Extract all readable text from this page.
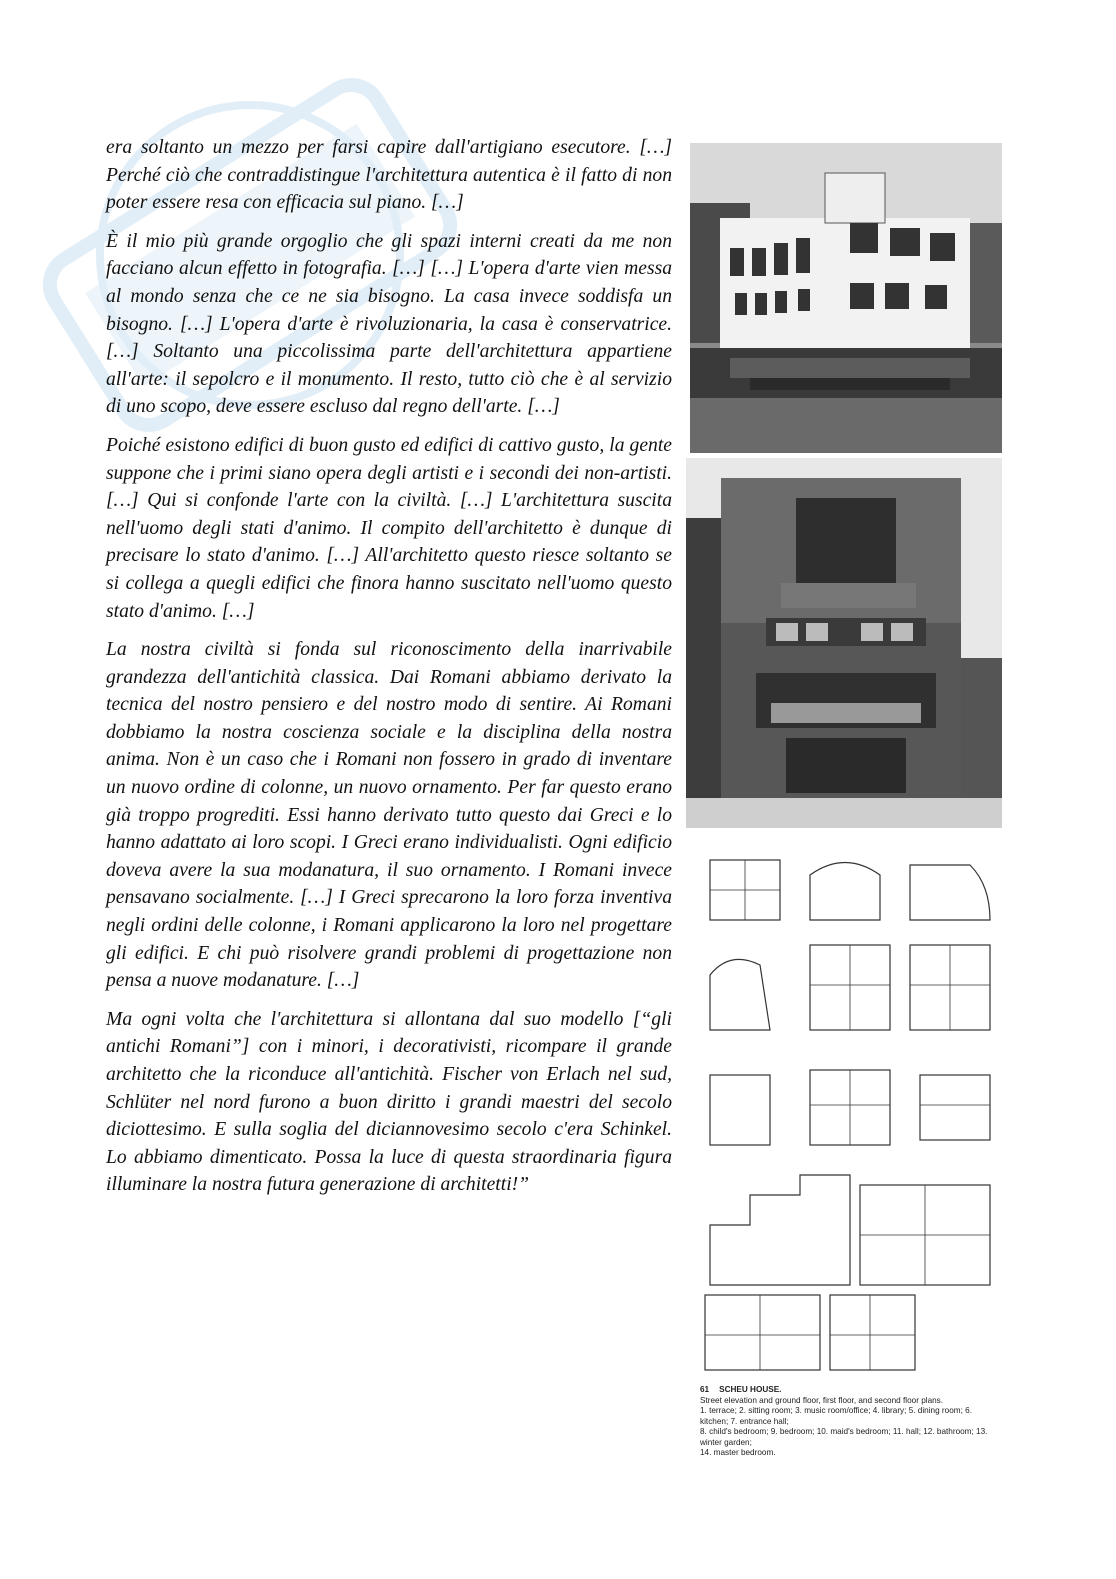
era soltanto un mezzo per farsi capire dall'artigiano esecutore. […] Perché ciò che contraddistingue l'architettura autentica è il fatto di non poter essere resa con efficacia sul piano. […]

È il mio più grande orgoglio che gli spazi interni creati da me non facciano alcun effetto in fotografia. […] […] L'opera d'arte vien messa al mondo senza che ce ne sia bisogno. La casa invece soddisfa un bisogno. […] L'opera d'arte è rivoluzionaria, la casa è conservatrice. […] Soltanto una piccolissima parte dell'architettura appartiene all'arte: il sepolcro e il monumento. Il resto, tutto ciò che è al servizio di uno scopo, deve essere escluso dal regno dell'arte. […]

Poiché esistono edifici di buon gusto ed edifici di cattivo gusto, la gente suppone che i primi siano opera degli artisti e i secondi dei non-artisti. […] Qui si confonde l'arte con la civiltà. […] L'architettura suscita nell'uomo degli stati d'animo. Il compito dell'architetto è dunque di precisare lo stato d'animo. […] All'architetto questo riesce soltanto se si collega a quegli edifici che finora hanno suscitato nell'uomo questo stato d'animo. […]

La nostra civiltà si fonda sul riconoscimento della inarrivabile grandezza dell'antichità classica. Dai Romani abbiamo derivato la tecnica del nostro pensiero e del nostro modo di sentire. Ai Romani dobbiamo la nostra coscienza sociale e la disciplina della nostra anima. Non è un caso che i Romani non fossero in grado di inventare un nuovo ordine di colonne, un nuovo ornamento. Per far questo erano già troppo progrediti. Essi hanno derivato tutto questo dai Greci e lo hanno adattato ai loro scopi. I Greci erano individualisti. Ogni edificio doveva avere la sua modanatura, il suo ornamento. I Romani invece pensavano socialmente. […] I Greci sprecarono la loro forza inventiva negli ordini delle colonne, i Romani applicarono la loro nel progettare gli edifici. E chi può risolvere grandi problemi di progettazione non pensa a nuove modanature. […]

Ma ogni volta che l'architettura si allontana dal suo modello [“gli antichi Romani”] con i minori, i decorativisti, ricompare il grande architetto che la riconduce all'antichità. Fischer von Erlach nel sud, Schlüter nel nord furono a buon diritto i grandi maestri del secolo diciottesimo. E sulla soglia del diciannovesimo secolo c'era Schinkel. Lo abbiamo dimenticato. Possa la luce di questa straordinaria figura illuminare la nostra futura generazione di architetti!”

61 SCHEU HOUSE.
Street elevation and ground floor, first floor, and second floor plans.
1. terrace; 2. sitting room; 3. music room/office; 4. library; 5. dining room; 6. kitchen; 7. entrance hall;
8. child's bedroom; 9. bedroom; 10. maid's bedroom; 11. hall; 12. bathroom; 13. winter garden;
14. master bedroom.
